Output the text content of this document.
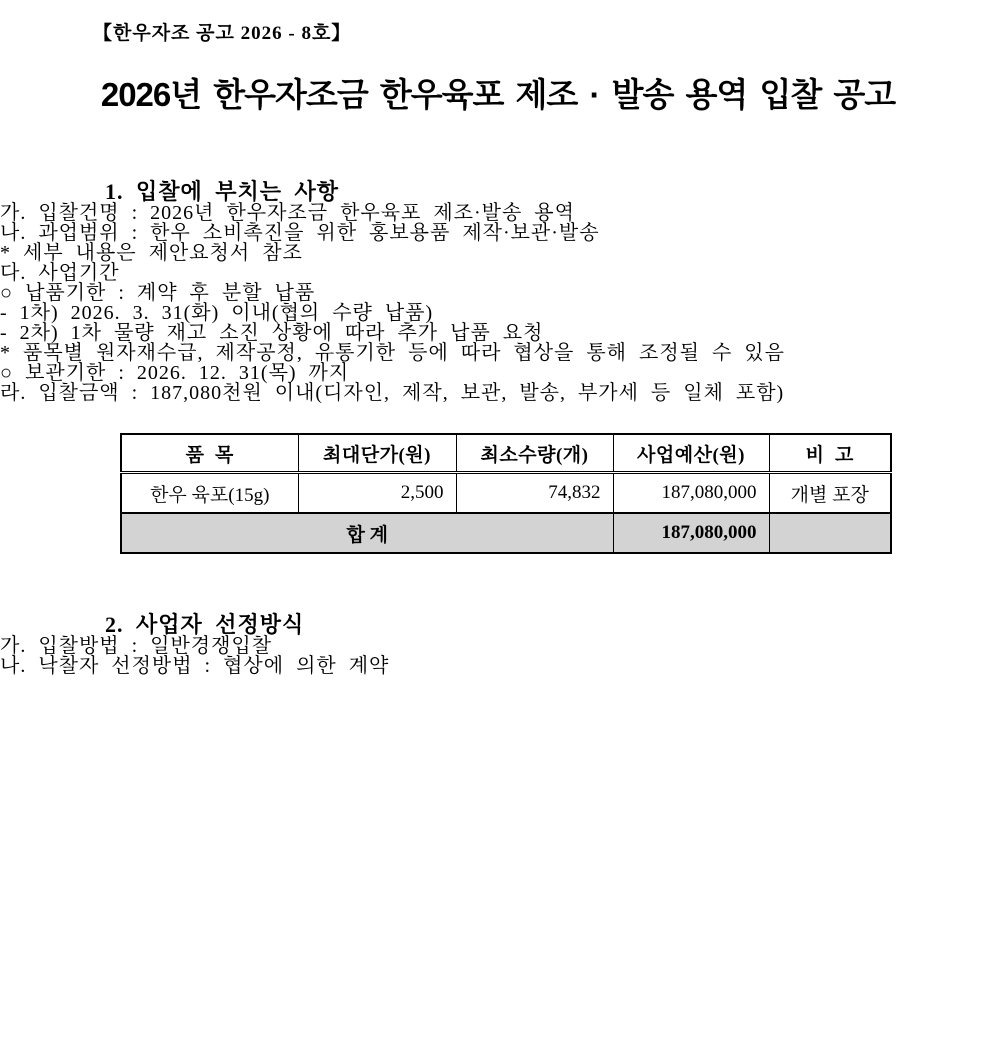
【한우자조 공고 2026 - 8호】
2026년 한우자조금 한우육포 제조 · 발송 용역 입찰 공고
1. 입찰에 부치는 사항

가. 입찰건명 : 2026년 한우자조금 한우육포 제조·발송 용역

나. 과업범위 : 한우 소비촉진을 위한 홍보용품 제작·보관·발송

* 세부 내용은 제안요청서 참조

다. 사업기간

○ 납품기한 : 계약 후 분할 납품

- 1차) 2026. 3. 31(화) 이내(협의 수량 납품)

- 2차) 1차 물량 재고 소진 상황에 따라 추가 납품 요청

* 품목별 원자재수급, 제작공정, 유통기한 등에 따라 협상을 통해 조정될 수 있음

○ 보관기한 : 2026. 12. 31(목) 까지

라. 입찰금액 : 187,080천원 이내(디자인, 제작, 보관, 발송, 부가세 등 일체 포함)

품  목	최대단가(원)	최소수량(개)	사업예산(원)	비  고
한우 육포(15g)	2,500	74,832	187,080,000	개별 포장
합 계			187,080,000	
2. 사업자 선정방식

가. 입찰방법 : 일반경쟁입찰

나. 낙찰자 선정방법 : 협상에 의한 계약
